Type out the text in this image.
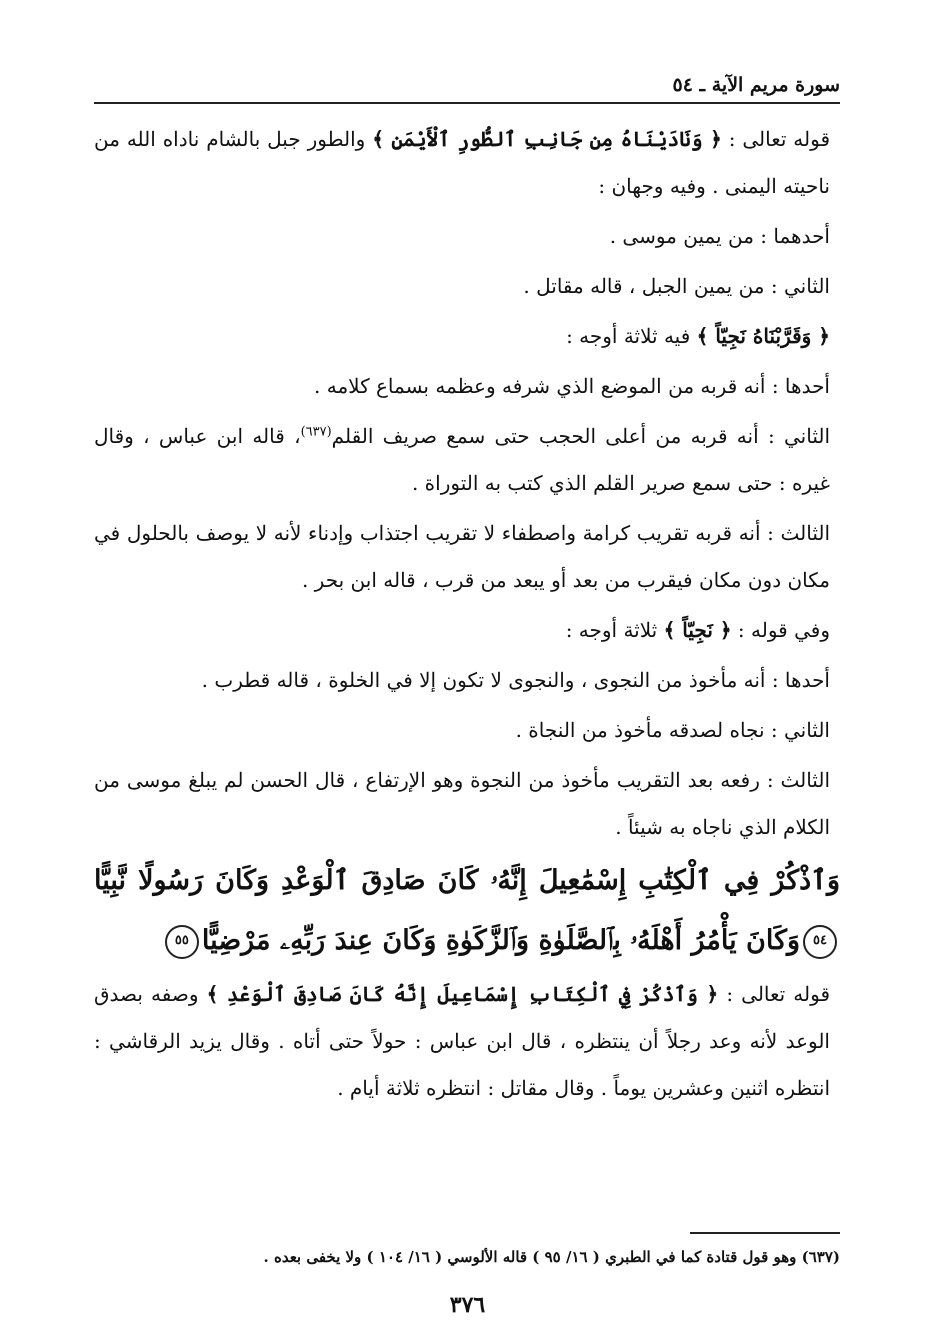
سورة مريم الآية ـ ٥٤

قوله تعالى : ﴿ وَنَادَيْنَاهُ مِن جَانِبِ ٱلطُّورِ ٱلْأَيْمَنِ ﴾ والطور جبل بالشام ناداه الله من ناحيته اليمنى . وفيه وجهان :

أحدهما : من يمين موسى .

الثاني : من يمين الجبل ، قاله مقاتل .

﴿ وَقَرَّبْنَاهُ نَجِيّاً ﴾ فيه ثلاثة أوجه :

أحدها : أنه قربه من الموضع الذي شرفه وعظمه بسماع كلامه .

الثاني : أنه قربه من أعلى الحجب حتى سمع صريف القلم$^{(٦٣٧)}$، قاله ابن عباس ، وقال غيره : حتى سمع صرير القلم الذي كتب به التوراة .

الثالث : أنه قربه تقريب كرامة واصطفاء لا تقريب اجتذاب وإدناء لأنه لا يوصف بالحلول في مكان دون مكان فيقرب من بعد أو يبعد من قرب ، قاله ابن بحر .

وفي قوله : ﴿ نَجِيّاً ﴾ ثلاثة أوجه :

أحدها : أنه مأخوذ من النجوى ، والنجوى لا تكون إلا في الخلوة ، قاله قطرب .

الثاني : نجاه لصدقه مأخوذ من النجاة .

الثالث : رفعه بعد التقريب مأخوذ من النجوة وهو الإرتفاع ، قال الحسن لم يبلغ موسى من الكلام الذي ناجاه به شيئاً .

وَٱذْكُرْ فِي ٱلْكِتَٰبِ إِسْمَٰعِيلَ إِنَّهُۥ كَانَ صَادِقَ ٱلْوَعْدِ وَكَانَ رَسُولًا نَّبِيًّا٥٤وَكَانَ يَأْمُرُ أَهْلَهُۥ بِٱلصَّلَوٰةِ وَٱلزَّكَوٰةِ وَكَانَ عِندَ رَبِّهِۦ مَرْضِيًّا٥٥

قوله تعالى : ﴿ وَٱذْكُرْ فِي ٱلْكِتَابِ إِسْمَاعِيلَ إِنَّهُ كَانَ صَادِقَ ٱلْوَعْدِ ﴾ وصفه بصدق الوعد لأنه وعد رجلاً أن ينتظره ، قال ابن عباس : حولاً حتى أتاه . وقال يزيد الرقاشي : انتظره اثنين وعشرين يوماً . وقال مقاتل : انتظره ثلاثة أيام .

(٦٣٧) وهو قول قتادة كما في الطبري ( ١٦/ ٩٥ ) قاله الألوسي ( ١٦/ ١٠٤ ) ولا يخفى بعده .
٣٧٦
